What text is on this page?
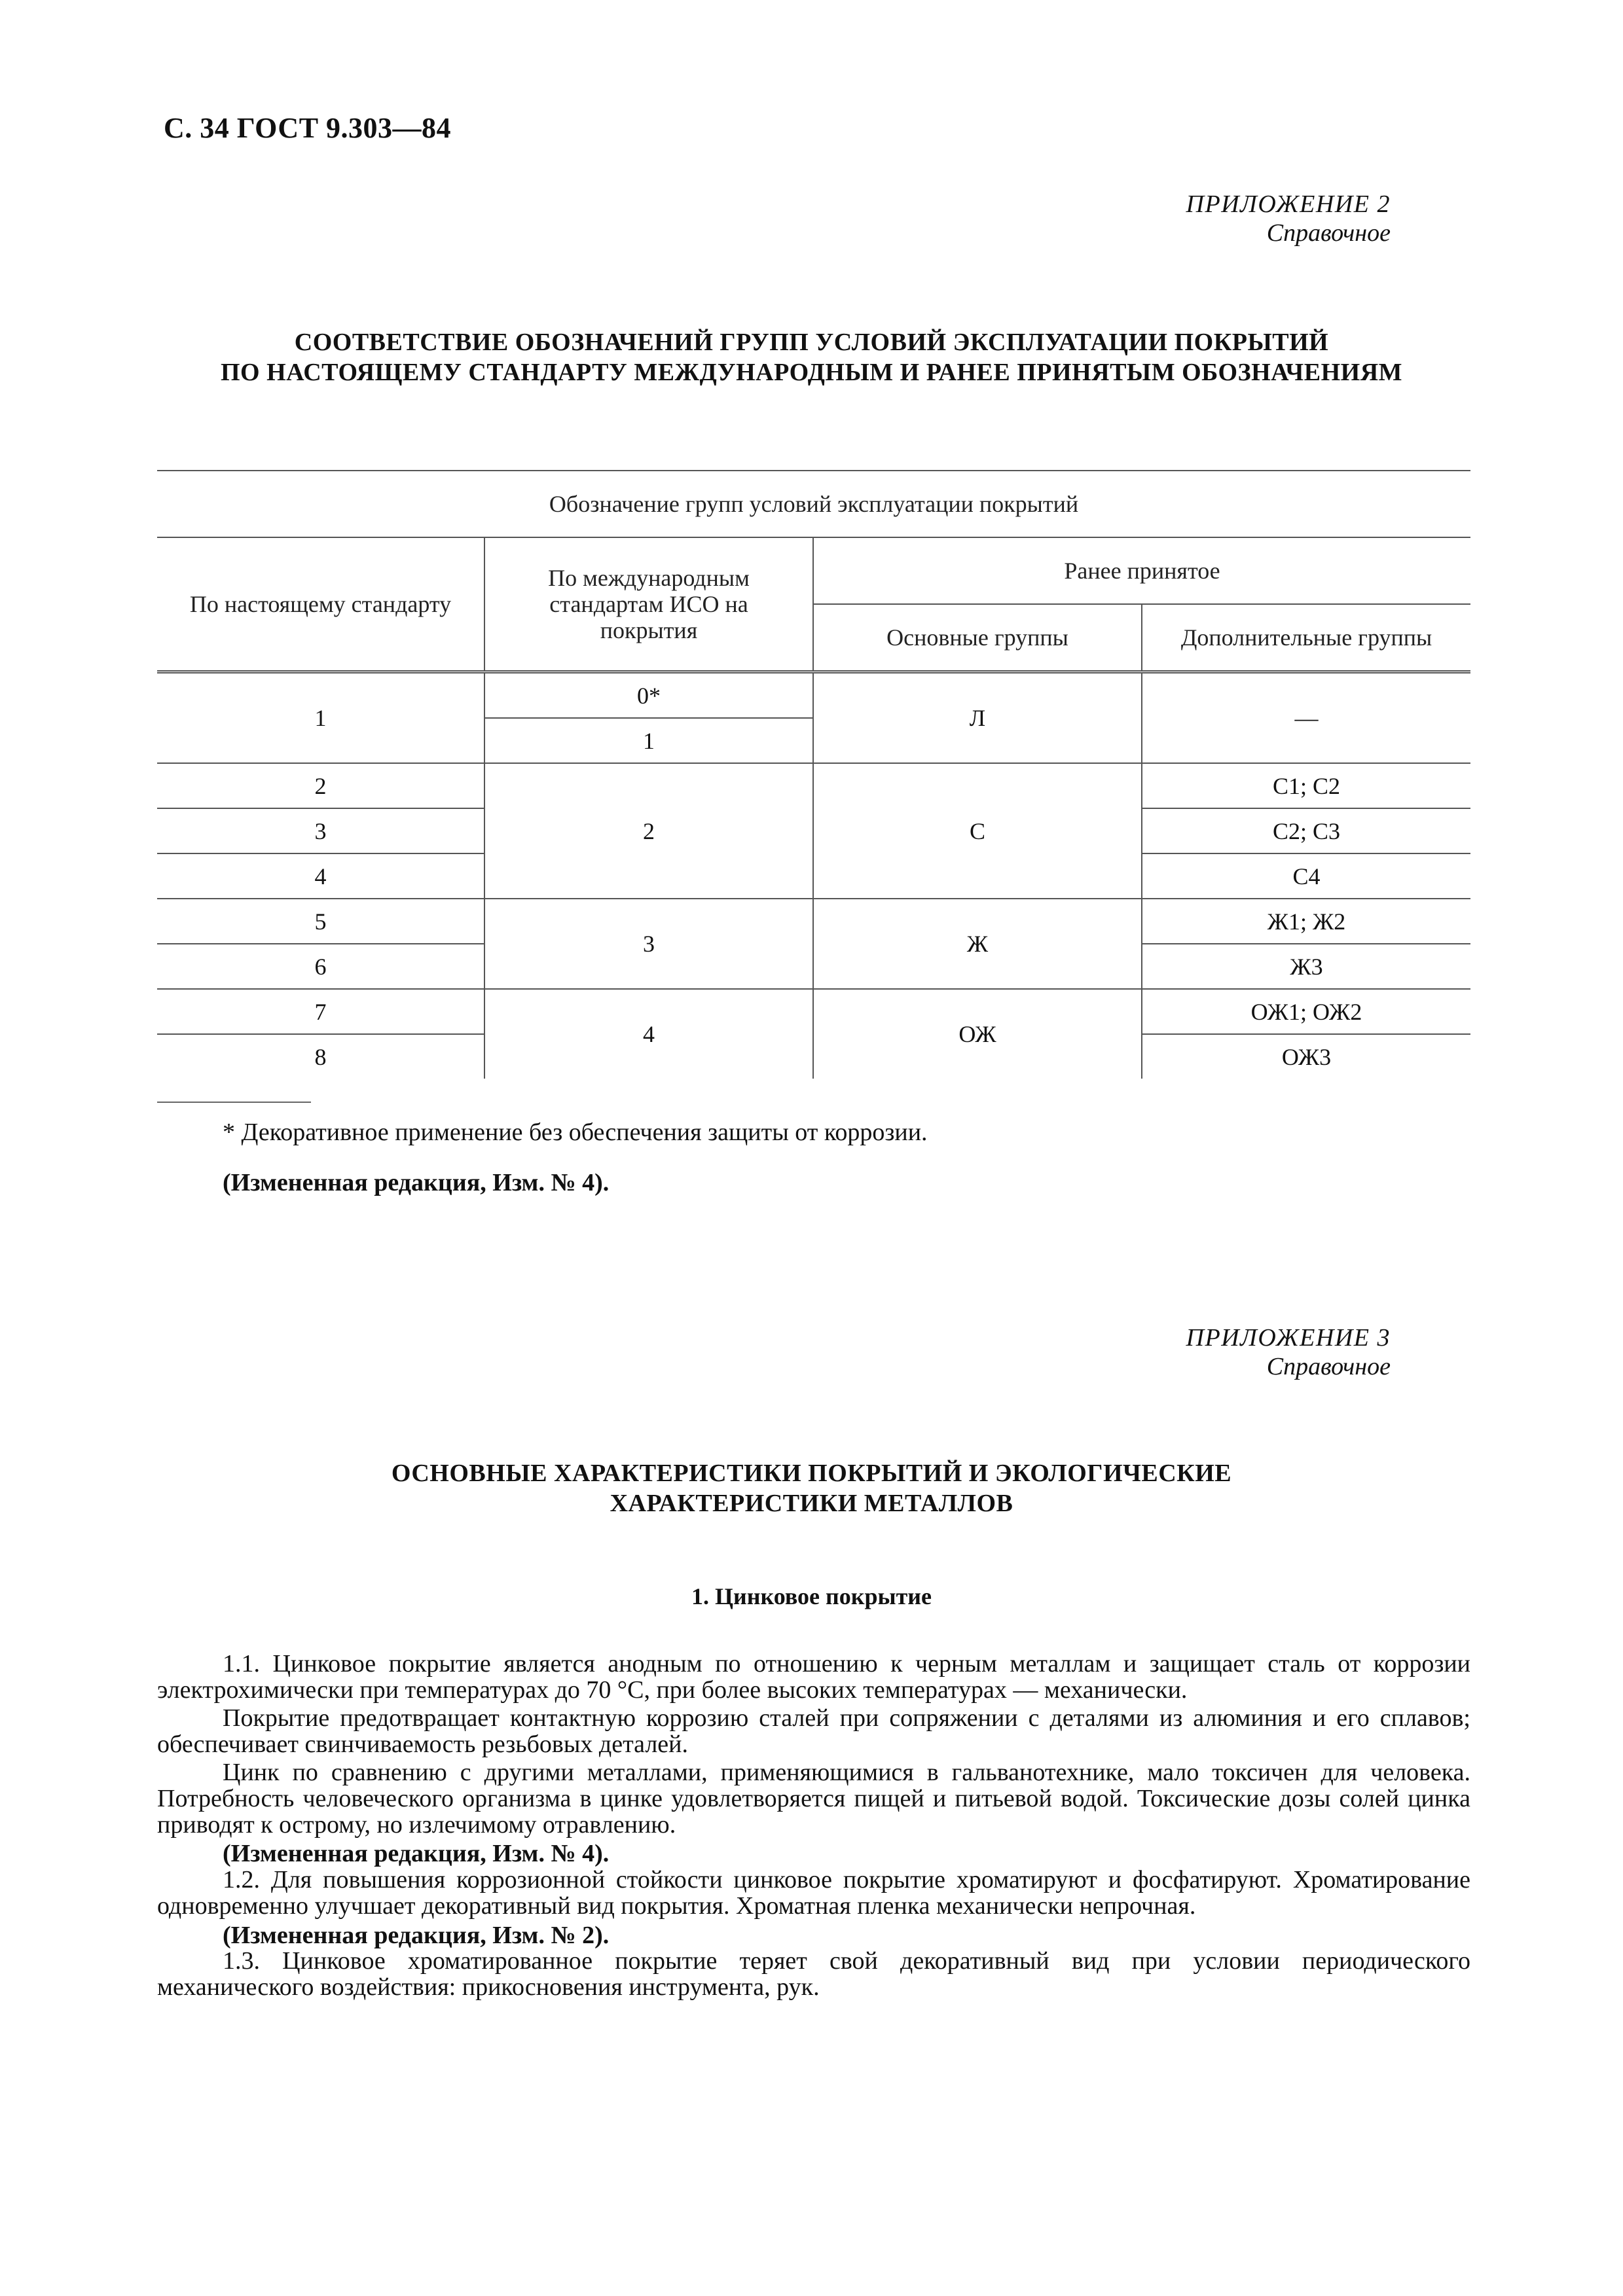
С. 34 ГОСТ 9.303—84
ПРИЛОЖЕНИЕ 2
Справочное
СООТВЕТСТВИЕ ОБОЗНАЧЕНИЙ ГРУПП УСЛОВИЙ ЭКСПЛУАТАЦИИ ПОКРЫТИЙ
ПО НАСТОЯЩЕМУ СТАНДАРТУ МЕЖДУНАРОДНЫМ И РАНЕЕ ПРИНЯТЫМ ОБОЗНАЧЕНИЯМ
Обозначение групп условий эксплуатации покрытий			
По настоящему стандарту	По международным стандартам ИСО на покрытия	Ранее принятое	
		Основные группы	Дополнительные группы
1	0*	Л	—
	1		
2	2	С	С1; С2
3			С2; С3
4			С4
5	3	Ж	Ж1; Ж2
6			Ж3
7	4	ОЖ	ОЖ1; ОЖ2
8			ОЖ3
* Декоративное применение без обеспечения защиты от коррозии.
(Измененная редакция, Изм. № 4).
ПРИЛОЖЕНИЕ 3
Справочное
ОСНОВНЫЕ ХАРАКТЕРИСТИКИ ПОКРЫТИЙ И ЭКОЛОГИЧЕСКИЕ
ХАРАКТЕРИСТИКИ МЕТАЛЛОВ
1. Цинковое покрытие
1.1. Цинковое покрытие является анодным по отношению к черным металлам и защищает сталь от коррозии электрохимически при температурах до 70 °С, при более высоких температурах — механически.
Покрытие предотвращает контактную коррозию сталей при сопряжении с деталями из алюминия и его сплавов; обеспечивает свинчиваемость резьбовых деталей.
Цинк по сравнению с другими металлами, применяющимися в гальванотехнике, мало токсичен для человека. Потребность человеческого организма в цинке удовлетворяется пищей и питьевой водой. Токсические дозы солей цинка приводят к острому, но излечимому отравлению.
(Измененная редакция, Изм. № 4).
1.2. Для повышения коррозионной стойкости цинковое покрытие хроматируют и фосфатируют. Хроматирование одновременно улучшает декоративный вид покрытия. Хроматная пленка механически непрочная.
(Измененная редакция, Изм. № 2).
1.3. Цинковое хроматированное покрытие теряет свой декоративный вид при условии периодического механического воздействия: прикосновения инструмента, рук.
